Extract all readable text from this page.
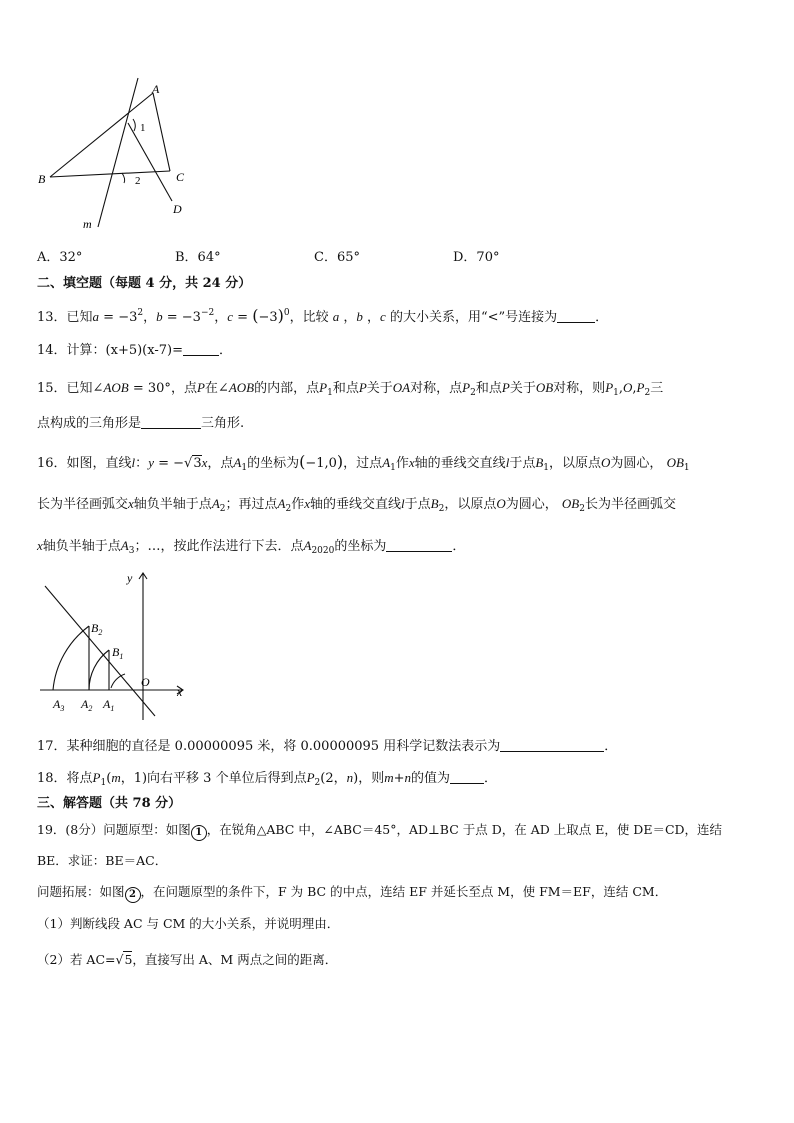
A
B	C
D
m
1
2
A．32°	B．64°	C．65°	D．70°
二、填空题（每题 4 分，共 24 分）
13．已知$a = -3^2$，$b = -3^{-2}$，$c = (-3)^0$，比较 a ，b ，c 的大小关系，用“<”号连接为	．
14．计算：(x+5)(x-7)=	．
15．已知∠AOB = 30°，点P在∠AOB的内部，点$P_1$和点P关于OA对称，点$P_2$和点P关于OB对称，则$P_1,O,P_2$三
点构成的三角形是	三角形.
16．如图，直线l：y = −√3x，点$A_1$的坐标为(−1,0)，过点$A_1$作x轴的垂线交直线l于点$B_1$，以原点O为圆心， $OB_1$
长为半径画弧交x轴负半轴于点$A_2$；再过点$A_2$作x轴的垂线交直线l于点$B_2$，以原点O为圆心， $OB_2$长为半径画弧交
x轴负半轴于点$A_3$；…，按此作法进行下去．点$A_{2020}$的坐标为	．
y
x
O
$B_2$
$B_1$
$A_3$ $A_2$ $A_1$
17．某种细胞的直径是 0.00000095 米，将 0.00000095 用科学记数法表示为	．
18．将点$P_1(m$，1)向右平移 3 个单位后得到点$P_2(2$，n)，则m+n的值为	．
三、解答题（共 78 分）
19．(8分）问题原型：如图 1 ，在锐角△ABC 中，∠ABC＝45°，AD⊥BC 于点 D，在 AD 上取点 E，使 DE＝CD，连结
BE．求证：BE＝AC．
问题拓展：如图 2 ，在问题原型的条件下，F 为 BC 的中点，连结 EF 并延长至点 M，使 FM＝EF，连结 CM．
（1）判断线段 AC 与 CM 的大小关系，并说明理由．
（2）若 AC=√5，直接写出 A、M 两点之间的距离．
